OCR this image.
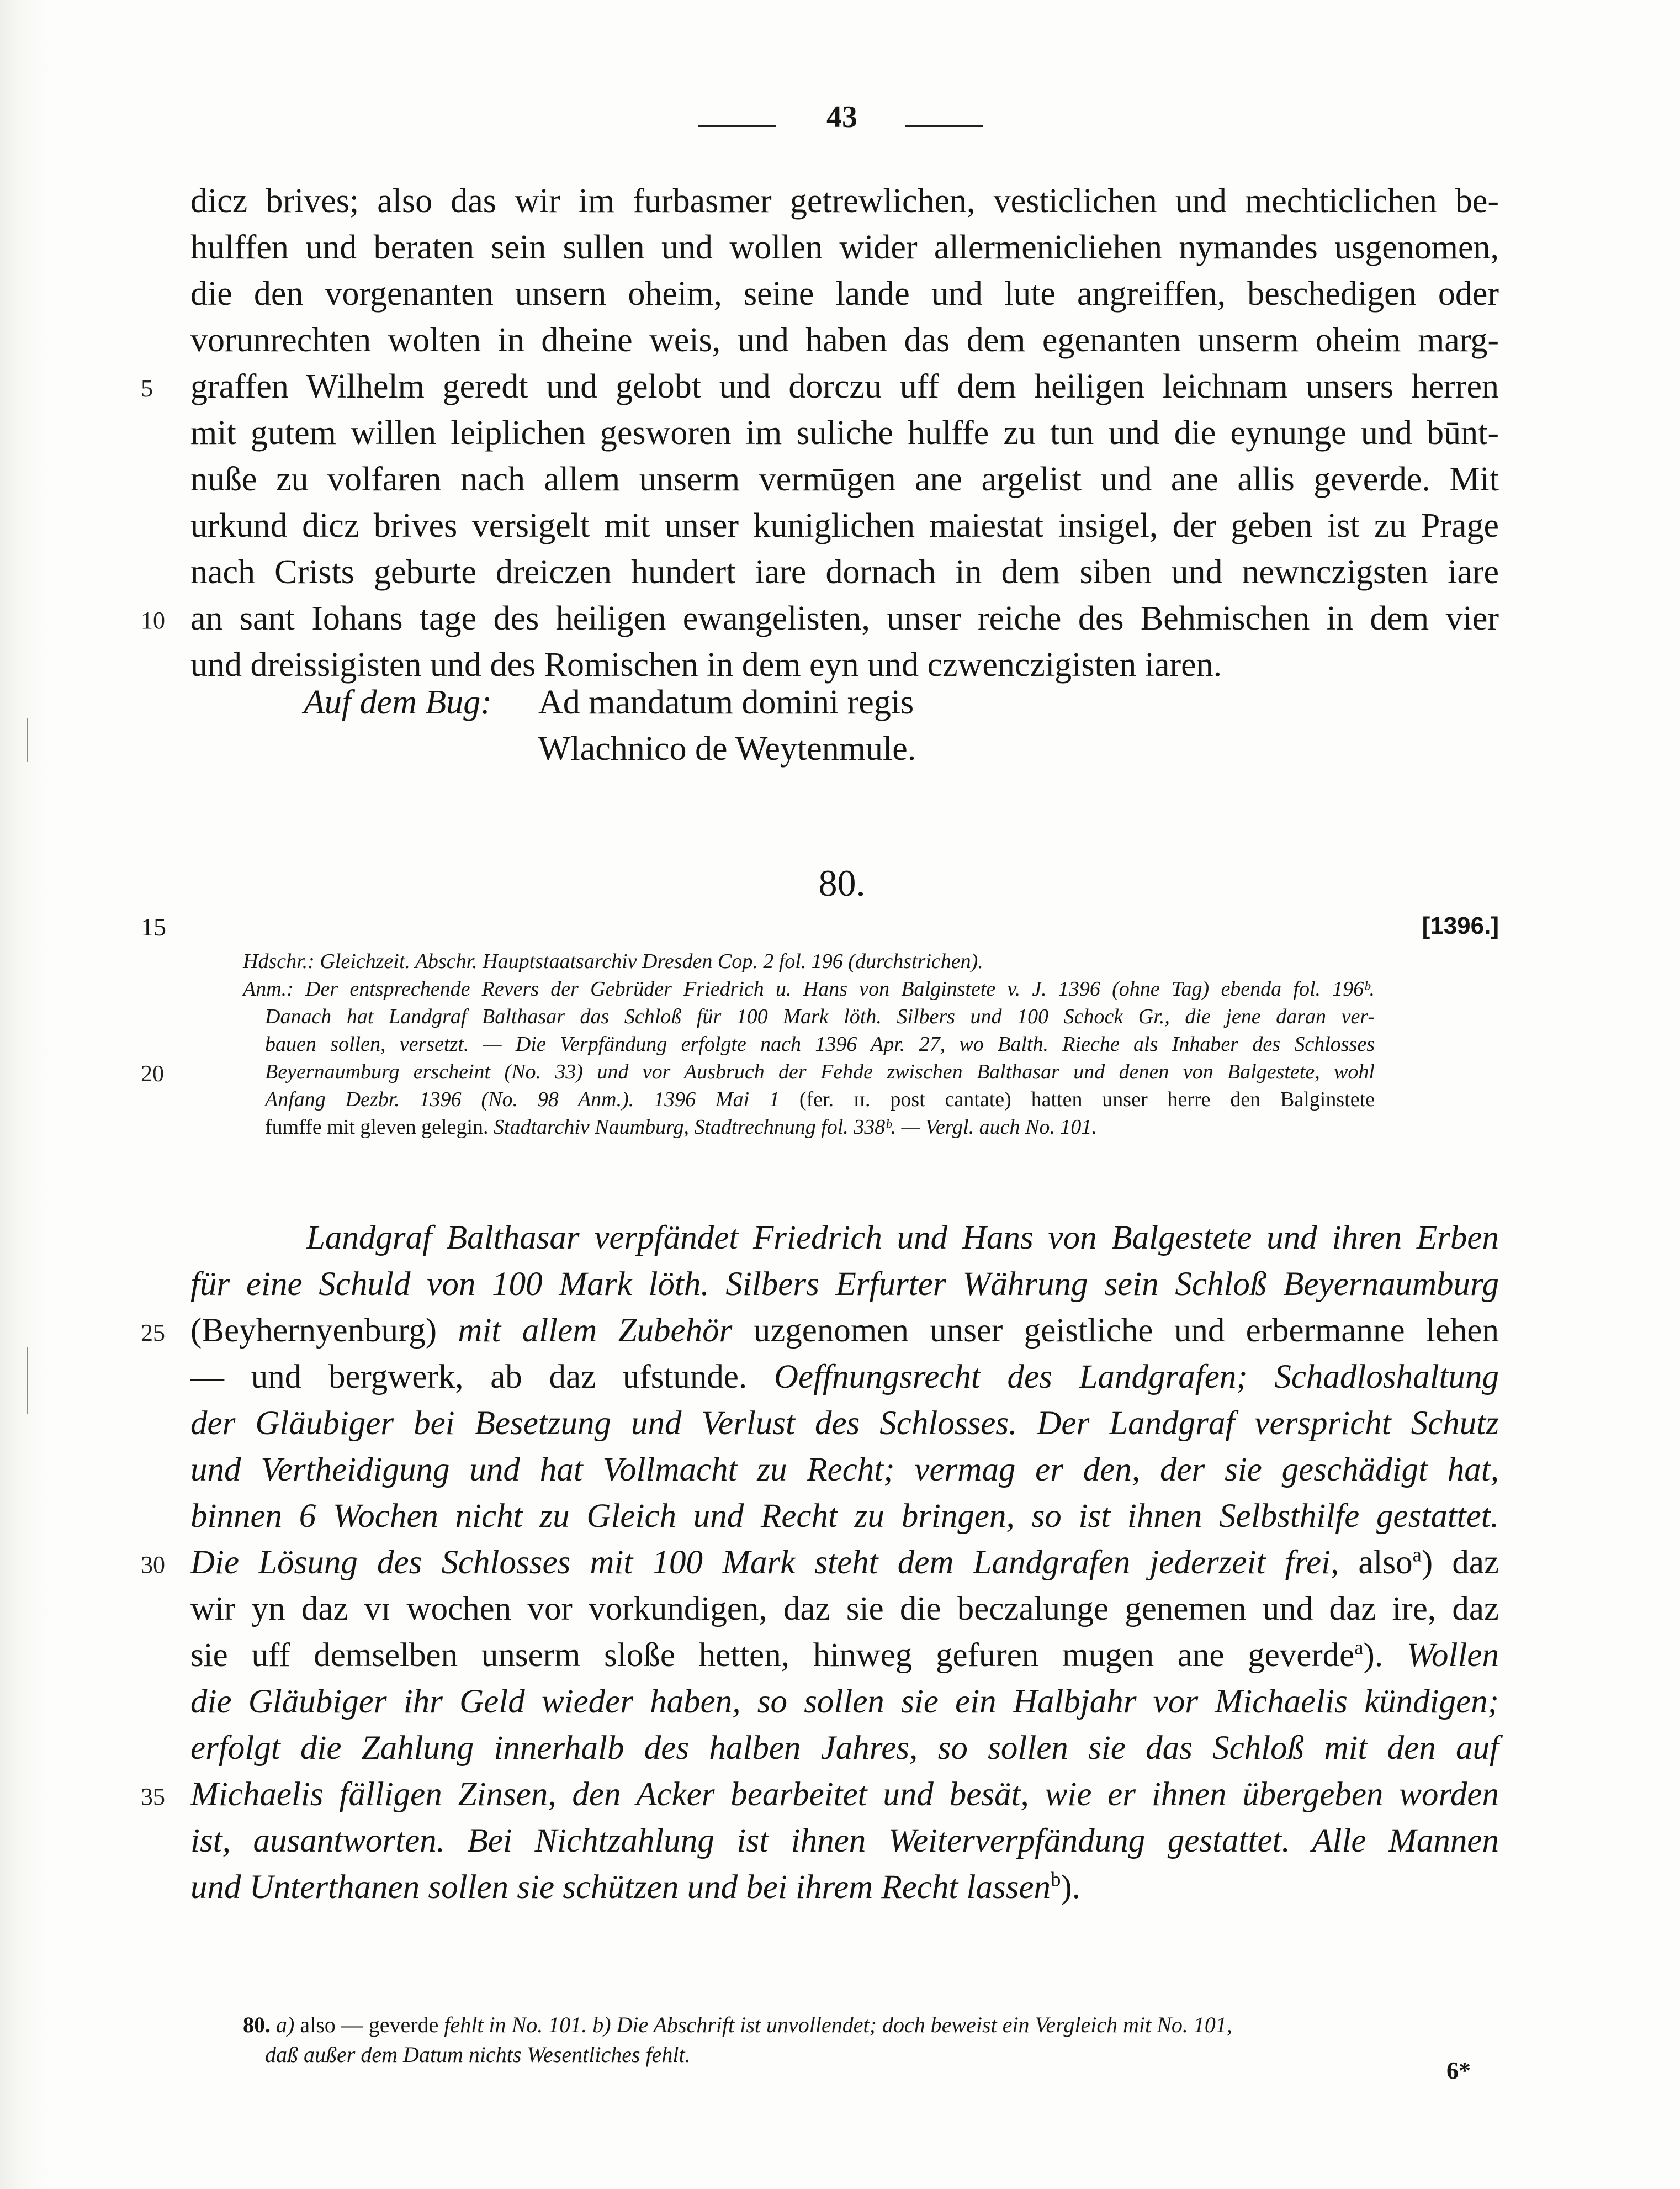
43
dicz brives; also das wir im furbasmer getrewlichen, vesticlichen und mechticlichen be-
hulffen und beraten sein sullen und wollen wider allermenicliehen nymandes usgenomen,
die den vorgenanten unsern oheim, seine lande und lute angreiffen, beschedigen oder
vorunrechten wolten in dheine weis, und haben das dem egenanten unserm oheim marg-
5	graffen Wilhelm geredt und gelobt und dorczu uff dem heiligen leichnam unsers herren
mit gutem willen leiplichen gesworen im suliche hulffe zu tun und die eynunge und būnt-
nuße zu volfaren nach allem unserm vermūgen ane argelist und ane allis geverde. Mit
urkund dicz brives versigelt mit unser kuniglichen maiestat insigel, der geben ist zu Prage
nach Crists geburte dreiczen hundert iare dornach in dem siben und newnczigsten iare
10 an sant Iohans tage des heiligen ewangelisten, unser reiche des Behmischen in dem vier
und dreissigisten und des Romischen in dem eyn und czwenczigisten iaren.
Auf dem Bug: Ad mandatum domini regis
Wlachnico de Weytenmule.
80.
15	[1396.]
Hdschr.: Gleichzeit. Abschr. Hauptstaatsarchiv Dresden Cop. 2 fol. 196 (durchstrichen).
Anm.: Der entsprechende Revers der Gebrüder Friedrich u. Hans von Balginstete v. J. 1396 (ohne Tag) ebenda fol. 196ᵇ.
Danach hat Landgraf Balthasar das Schloß für 100 Mark löth. Silbers und 100 Schock Gr., die jene daran ver-
bauen sollen, versetzt. — Die Verpfändung erfolgte nach 1396 Apr. 27, wo Balth. Rieche als Inhaber des Schlosses
20	Beyernaumburg erscheint (No. 33) und vor Ausbruch der Fehde zwischen Balthasar und denen von Balgestete, wohl
Anfang Dezbr. 1396 (No. 98 Anm.). 1396 Mai 1 (fer. ɪɪ. post cantate) hatten unser herre den Balginstete
fumffe mit gleven gelegin. Stadtarchiv Naumburg, Stadtrechnung fol. 338ᵇ. — Vergl. auch No. 101.
Landgraf Balthasar verpfändet Friedrich und Hans von Balgestete und ihren Erben
für eine Schuld von 100 Mark löth. Silbers Erfurter Währung sein Schloß Beyernaumburg
25 (Beyhernyenburg) mit allem Zubehör uzgenomen unser geistliche und erbermanne lehen
— und bergwerk, ab daz ufstunde. Oeffnungsrecht des Landgrafen; Schadloshaltung
der Gläubiger bei Besetzung und Verlust des Schlosses. Der Landgraf verspricht Schutz
und Vertheidigung und hat Vollmacht zu Recht; vermag er den, der sie geschädigt hat,
binnen 6 Wochen nicht zu Gleich und Recht zu bringen, so ist ihnen Selbsthilfe gestattet.
30 Die Lösung des Schlosses mit 100 Mark steht dem Landgrafen jederzeit frei, also$^a$) daz
wir yn daz vɪ wochen vor vorkundigen, daz sie die beczalunge genemen und daz ire, daz
sie uff demselben unserm sloße hetten, hinweg gefuren mugen ane geverde$^a$). Wollen
die Gläubiger ihr Geld wieder haben, so sollen sie ein Halbjahr vor Michaelis kündigen;
erfolgt die Zahlung innerhalb des halben Jahres, so sollen sie das Schloß mit den auf
35 Michaelis fälligen Zinsen, den Acker bearbeitet und besät, wie er ihnen übergeben worden
ist, ausantworten. Bei Nichtzahlung ist ihnen Weiterverpfändung gestattet. Alle Mannen
und Unterthanen sollen sie schützen und bei ihrem Recht lassen$^b$).
80. a) also — geverde fehlt in No. 101. b) Die Abschrift ist unvollendet; doch beweist ein Vergleich mit No. 101,
daß außer dem Datum nichts Wesentliches fehlt.
6*
